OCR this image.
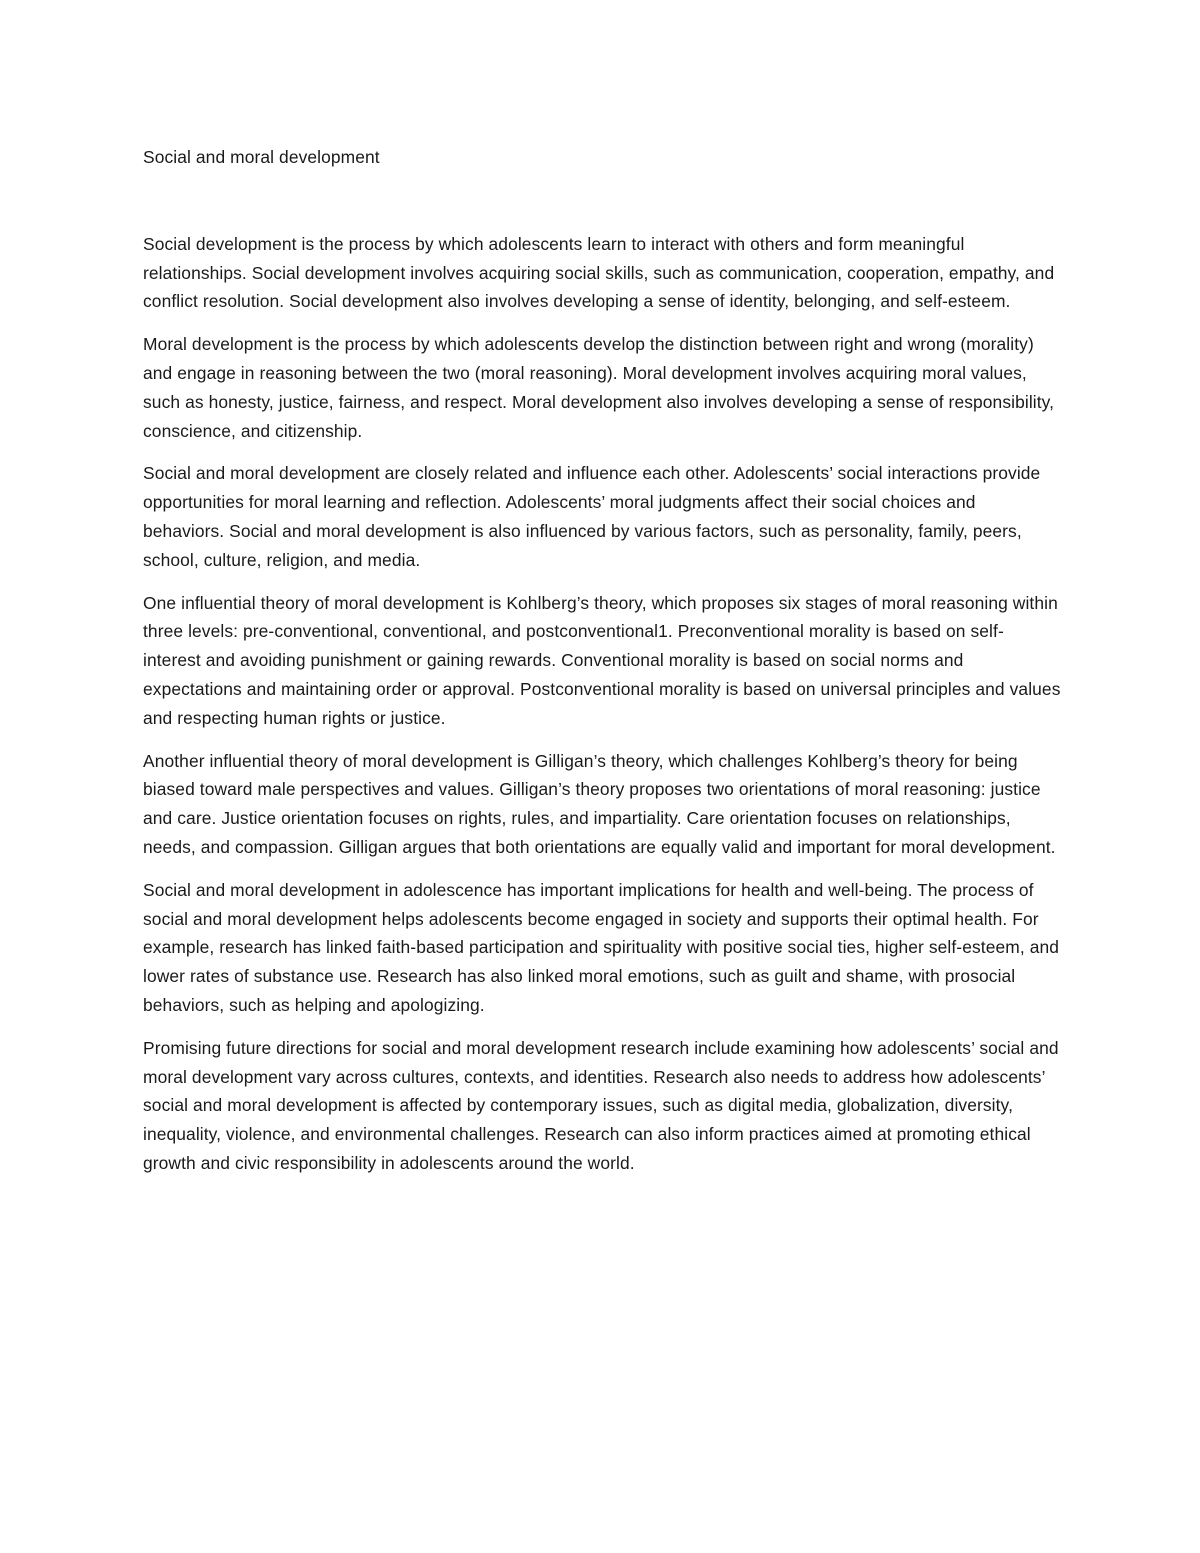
Social and moral development

Social development is the process by which adolescents learn to interact with others and form meaningful relationships. Social development involves acquiring social skills, such as communication, cooperation, empathy, and conflict resolution. Social development also involves developing a sense of identity, belonging, and self-esteem.

Moral development is the process by which adolescents develop the distinction between right and wrong (morality) and engage in reasoning between the two (moral reasoning). Moral development involves acquiring moral values, such as honesty, justice, fairness, and respect. Moral development also involves developing a sense of responsibility, conscience, and citizenship.

Social and moral development are closely related and influence each other. Adolescents’ social interactions provide opportunities for moral learning and reflection. Adolescents’ moral judgments affect their social choices and behaviors. Social and moral development is also influenced by various factors, such as personality, family, peers, school, culture, religion, and media.

One influential theory of moral development is Kohlberg’s theory, which proposes six stages of moral reasoning within three levels: pre-conventional, conventional, and postconventional1. Preconventional morality is based on self-interest and avoiding punishment or gaining rewards. Conventional morality is based on social norms and expectations and maintaining order or approval. Postconventional morality is based on universal principles and values and respecting human rights or justice.

Another influential theory of moral development is Gilligan’s theory, which challenges Kohlberg’s theory for being biased toward male perspectives and values. Gilligan’s theory proposes two orientations of moral reasoning: justice and care. Justice orientation focuses on rights, rules, and impartiality. Care orientation focuses on relationships, needs, and compassion. Gilligan argues that both orientations are equally valid and important for moral development.

Social and moral development in adolescence has important implications for health and well-being. The process of social and moral development helps adolescents become engaged in society and supports their optimal health. For example, research has linked faith-based participation and spirituality with positive social ties, higher self-esteem, and lower rates of substance use. Research has also linked moral emotions, such as guilt and shame, with prosocial behaviors, such as helping and apologizing.

Promising future directions for social and moral development research include examining how adolescents’ social and moral development vary across cultures, contexts, and identities. Research also needs to address how adolescents’ social and moral development is affected by contemporary issues, such as digital media, globalization, diversity, inequality, violence, and environmental challenges. Research can also inform practices aimed at promoting ethical growth and civic responsibility in adolescents around the world.
